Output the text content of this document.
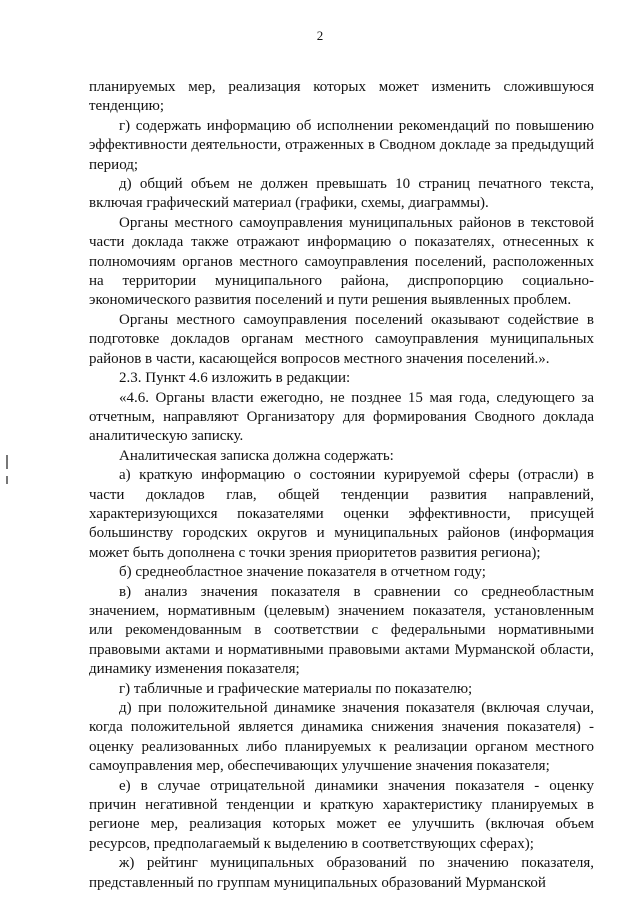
2

планируемых мер, реализация которых может изменить сложившуюся тенденцию;

г) содержать информацию об исполнении рекомендаций по повышению эффективности деятельности, отраженных в Сводном докладе за предыдущий период;

д) общий объем не должен превышать 10 страниц печатного текста, включая графический материал (графики, схемы, диаграммы).

Органы местного самоуправления муниципальных районов в текстовой части доклада также отражают информацию о показателях, отнесенных к полномочиям органов местного самоуправления поселений, расположенных на территории муниципального района, диспропорцию социально-экономического развития поселений и пути решения выявленных проблем.

Органы местного самоуправления поселений оказывают содействие в подготовке докладов органам местного самоуправления муниципальных районов в части, касающейся вопросов местного значения поселений.».

2.3. Пункт 4.6 изложить в редакции:

«4.6. Органы власти ежегодно, не позднее 15 мая года, следующего за отчетным, направляют Организатору для формирования Сводного доклада аналитическую записку.

Аналитическая записка должна содержать:

а) краткую информацию о состоянии курируемой сферы (отрасли) в части докладов глав, общей тенденции развития направлений, характеризующихся показателями оценки эффективности, присущей большинству городских округов и муниципальных районов (информация может быть дополнена с точки зрения приоритетов развития региона);

б) среднеобластное значение показателя в отчетном году;

в) анализ значения показателя в сравнении со среднеобластным значением, нормативным (целевым) значением показателя, установленным или рекомендованным в соответствии с федеральными нормативными правовыми актами и нормативными правовыми актами Мурманской области, динамику изменения показателя;

г) табличные и графические материалы по показателю;

д) при положительной динамике значения показателя (включая случаи, когда положительной является динамика снижения значения показателя) - оценку реализованных либо планируемых к реализации органом местного самоуправления мер, обеспечивающих улучшение значения показателя;

е) в случае отрицательной динамики значения показателя - оценку причин негативной тенденции и краткую характеристику планируемых в регионе мер, реализация которых может ее улучшить (включая объем ресурсов, предполагаемый к выделению в соответствующих сферах);

ж) рейтинг муниципальных образований по значению показателя, представленный по группам муниципальных образований Мурманской
